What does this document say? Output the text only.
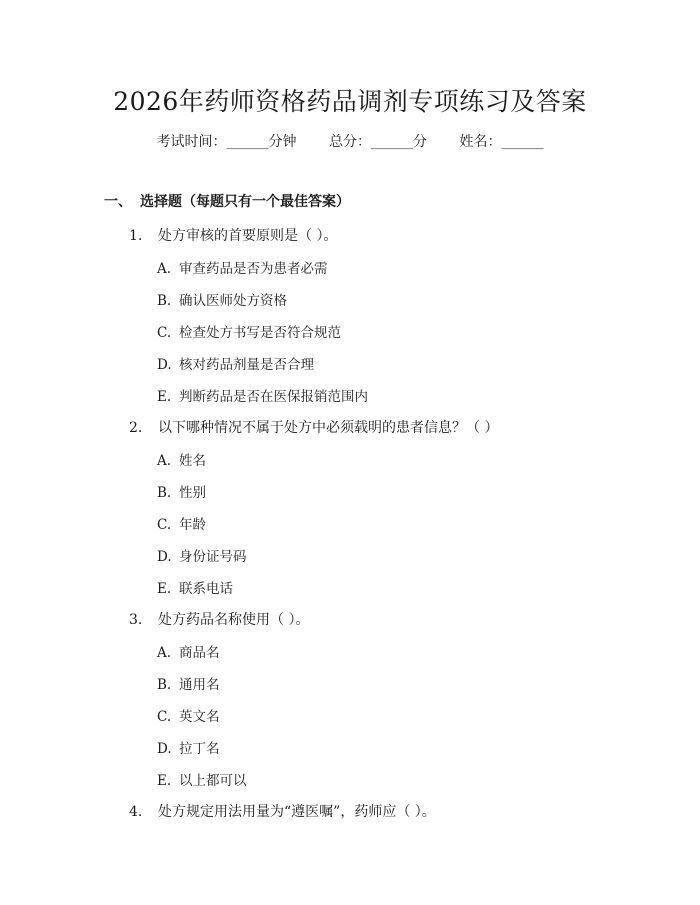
2026年药师资格药品调剂专项练习及答案
考试时间：______分钟 总分：______分 姓名：______
一、 选择题（每题只有一个最佳答案）
1. 处方审核的首要原则是（ ）。
A. 审查药品是否为患者必需
B. 确认医师处方资格
C. 检查处方书写是否符合规范
D. 核对药品剂量是否合理
E. 判断药品是否在医保报销范围内
2. 以下哪种情况不属于处方中必须载明的患者信息？（ ）
A. 姓名
B. 性别
C. 年龄
D. 身份证号码
E. 联系电话
3. 处方药品名称使用（ ）。
A. 商品名
B. 通用名
C. 英文名
D. 拉丁名
E. 以上都可以
4. 处方规定用法用量为“遵医嘱”，药师应（ ）。
